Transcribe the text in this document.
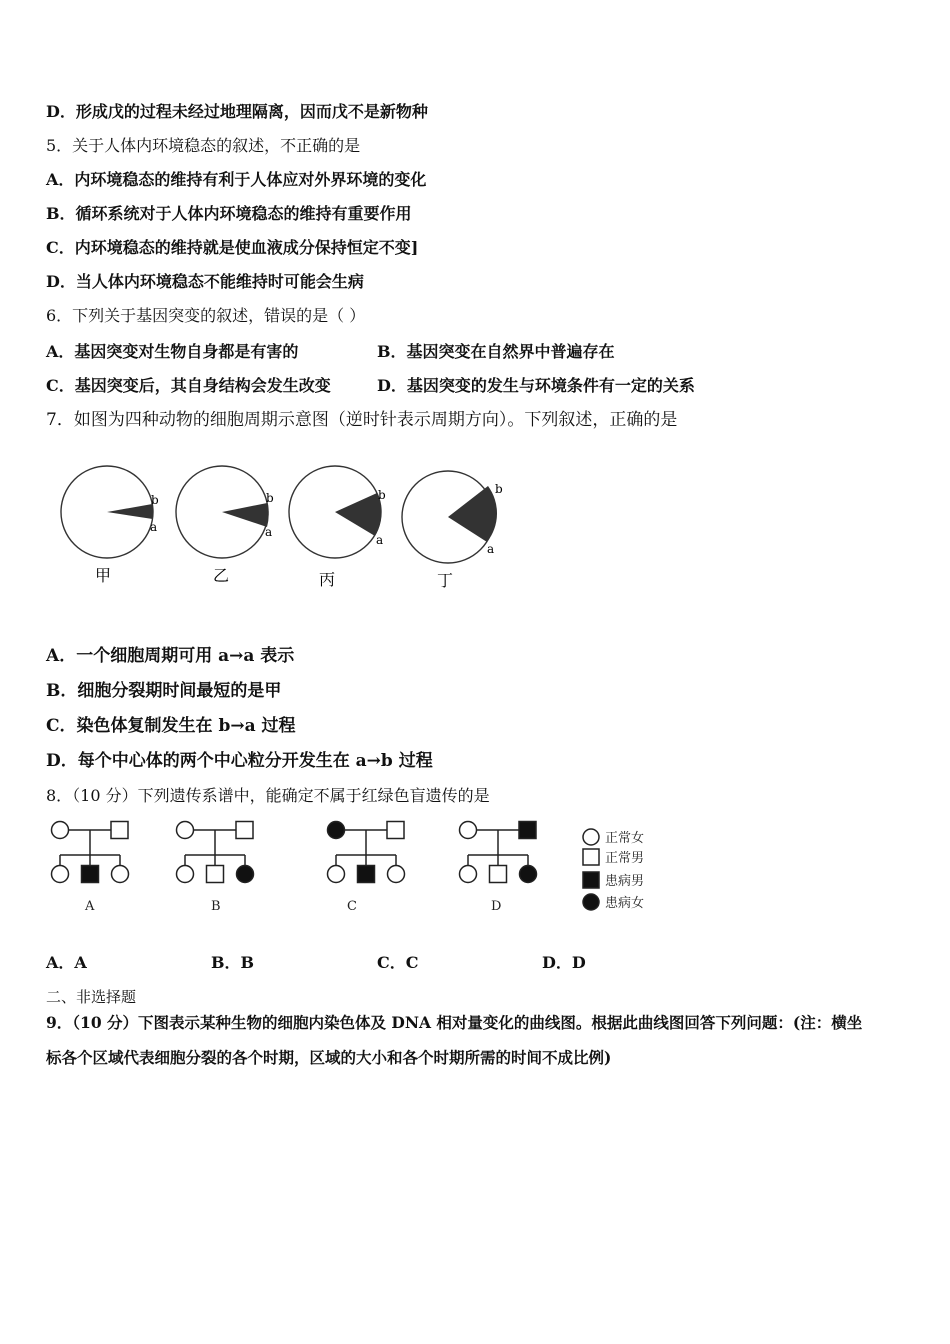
D．形成戊的过程未经过地理隔离，因而戊不是新物种
5．关于人体内环境稳态的叙述，不正确的是
A．内环境稳态的维持有利于人体应对外界环境的变化
B．循环系统对于人体内环境稳态的维持有重要作用
C．内环境稳态的维持就是使血液成分保持恒定不变]
D．当人体内环境稳态不能维持时可能会生病
6．下列关于基因突变的叙述，错误的是（ ）
A．基因突变对生物自身都是有害的	B．基因突变在自然界中普遍存在
C．基因突变后，其自身结构会发生改变	D．基因突变的发生与环境条件有一定的关系
7．如图为四种动物的细胞周期示意图（逆时针表示周期方向）。下列叙述，正确的是
b
a
甲
b
a
乙
b
a
丙
b
a
丁
A．一个细胞周期可用 a→a 表示
B．细胞分裂期时间最短的是甲
C．染色体复制发生在 b→a 过程
D．每个中心体的两个中心粒分开发生在 a→b 过程
8．（10 分）下列遗传系谱中，能确定不属于红绿色盲遗传的是
A	B	C	D
正常女
正常男
患病男
患病女
A．A	B．B	C．C	D．D
二、非选择题
9．（10 分）下图表示某种生物的细胞内染色体及 DNA 相对量变化的曲线图。根据此曲线图回答下列问题：(注：横坐
标各个区域代表细胞分裂的各个时期，区域的大小和各个时期所需的时间不成比例)
